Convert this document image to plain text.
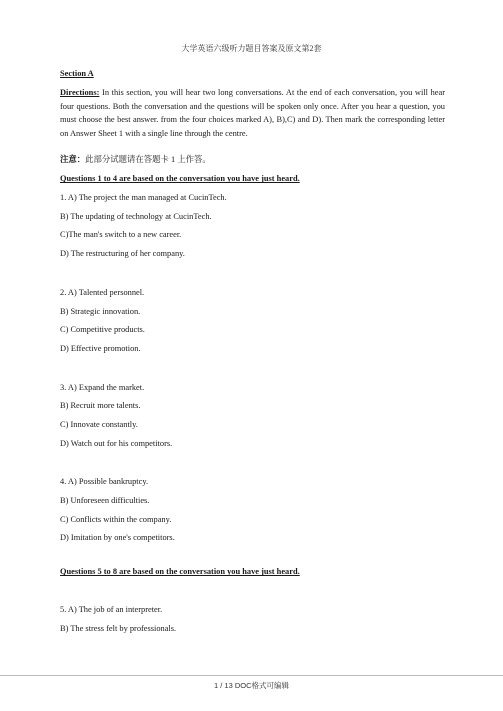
大学英语六级听力题目答案及原文第2套

Section A

Directions: In this section, you will hear two long conversations. At the end of each conversation, you will hear four questions. Both the conversation and the questions will be spoken only once. After you hear a question, you must choose the best answer. from the four choices marked A), B),C) and D). Then mark the corresponding letter on Answer Sheet 1 with a single line through the centre.

注意：此部分试题请在答题卡 1 上作答。
Questions 1 to 4 are based on the conversation you have just heard.
1. A) The project the man managed at CucinTech.
B) The updating of technology at CucinTech.
C)The man's switch to a new career.
D) The restructuring of her company.
2. A) Talented personnel.
B) Strategic innovation.
C) Competitive products.
D) Effective promotion.
3. A) Expand the market.
B) Recruit more talents.
C) Innovate constantly.
D) Watch out for his competitors.
4. A) Possible bankruptcy.
B) Unforeseen difficulties.
C) Conflicts within the company.
D) Imitation by one's competitors.
Questions 5 to 8 are based on the conversation you have just heard.
5. A) The job of an interpreter.
B) The stress felt by professionals.
1 / 13 DOC格式可编辑
